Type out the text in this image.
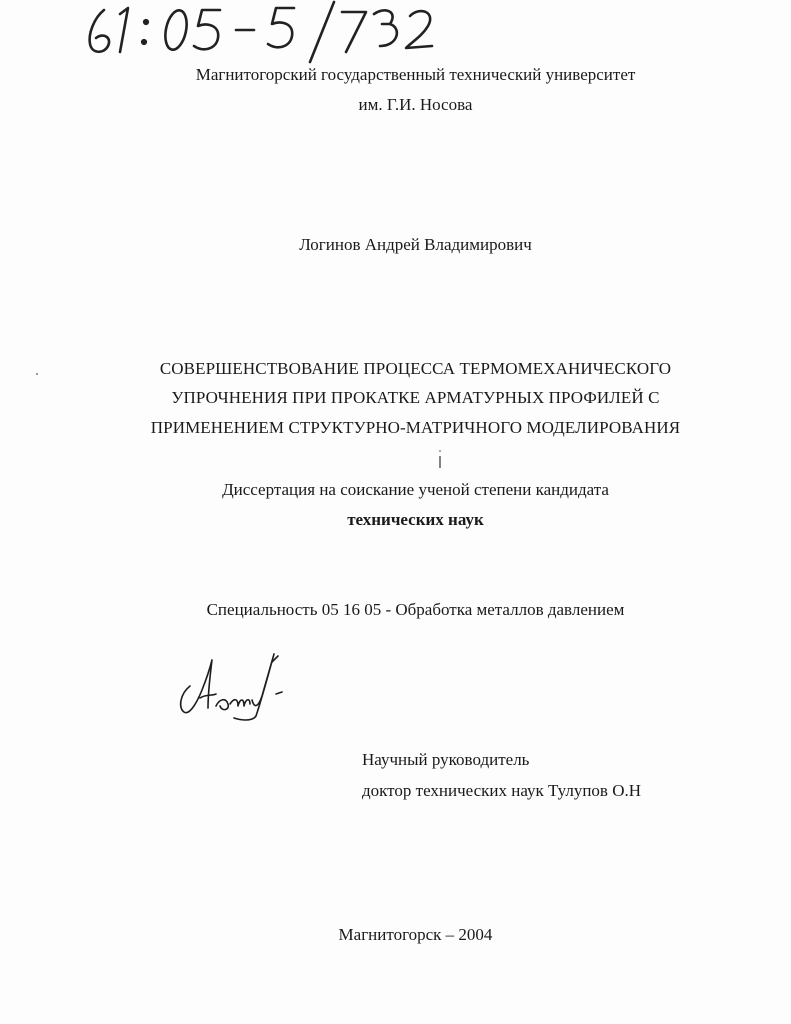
Магнитогорский государственный технический университет
им. Г.И. Носова
Логинов Андрей Владимирович
СОВЕРШЕНСТВОВАНИЕ ПРОЦЕССА ТЕРМОМЕХАНИЧЕСКОГО
УПРОЧНЕНИЯ ПРИ ПРОКАТКЕ АРМАТУРНЫХ ПРОФИЛЕЙ С
ПРИМЕНЕНИЕМ СТРУКТУРНО-МАТРИЧНОГО МОДЕЛИРОВАНИЯ
Диссертация на соискание ученой степени кандидата
технических наук
Специальность 05 16 05 - Обработка металлов давлением
Научный руководитель
доктор технических наук Тулупов О.Н
Магнитогорск – 2004
